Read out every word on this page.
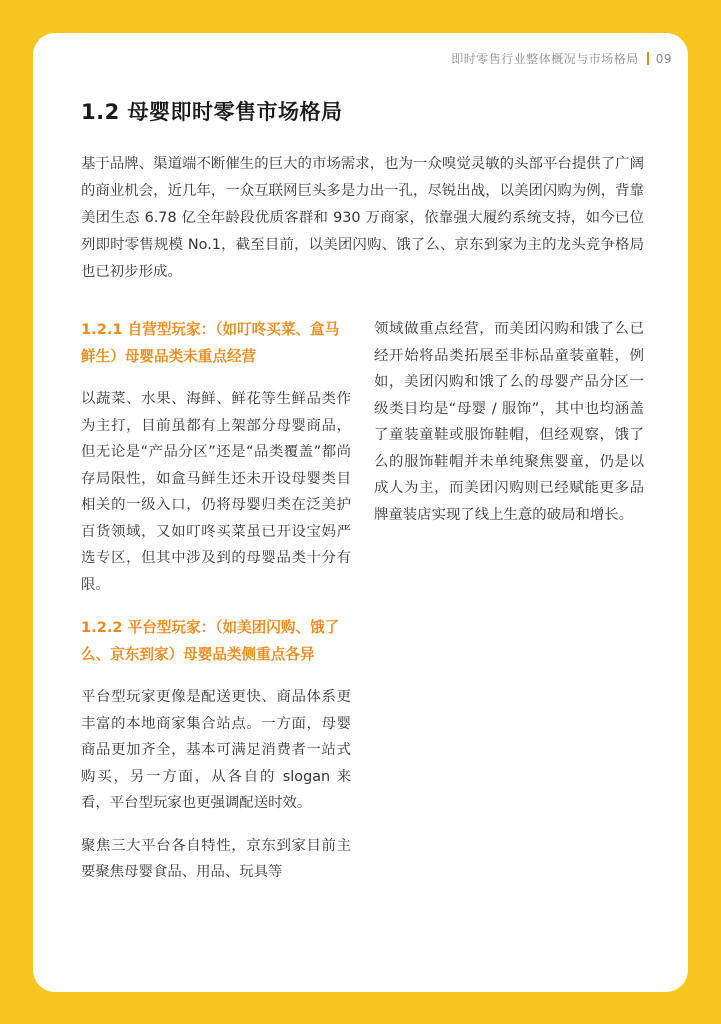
即时零售行业整体概况与市场格局 09
1.2 母婴即时零售市场格局

基于品牌、渠道端不断催生的巨大的市场需求，也为一众嗅觉灵敏的头部平台提供了广阔的商业机会，近几年，一众互联网巨头多是力出一孔，尽锐出战，以美团闪购为例，背靠美团生态 6.78 亿全年龄段优质客群和 930 万商家，依靠强大履约系统支持，如今已位列即时零售规模 No.1，截至目前，以美团闪购、饿了么、京东到家为主的龙头竞争格局也已初步形成。

1.2.1 自营型玩家：（如叮咚买菜、盒马鲜生）母婴品类未重点经营

以蔬菜、水果、海鲜、鲜花等生鲜品类作为主打，目前虽都有上架部分母婴商品，但无论是“产品分区”还是“品类覆盖”都尚存局限性，如盒马鲜生还未开设母婴类目相关的一级入口，仍将母婴归类在泛美护百货领域，又如叮咚买菜虽已开设宝妈严选专区，但其中涉及到的母婴品类十分有限。

1.2.2 平台型玩家：（如美团闪购、饿了么、京东到家）母婴品类侧重点各异

平台型玩家更像是配送更快、商品体系更丰富的本地商家集合站点。一方面，母婴商品更加齐全，基本可满足消费者一站式购买，另一方面，从各自的 slogan 来看，平台型玩家也更强调配送时效。

聚焦三大平台各自特性，京东到家目前主要聚焦母婴食品、用品、玩具等

领域做重点经营，而美团闪购和饿了么已经开始将品类拓展至非标品童装童鞋，例如，美团闪购和饿了么的母婴产品分区一级类目均是“母婴 / 服饰”，其中也均涵盖了童装童鞋或服饰鞋帽，但经观察，饿了么的服饰鞋帽并未单纯聚焦婴童，仍是以成人为主，而美团闪购则已经赋能更多品牌童装店实现了线上生意的破局和增长。
